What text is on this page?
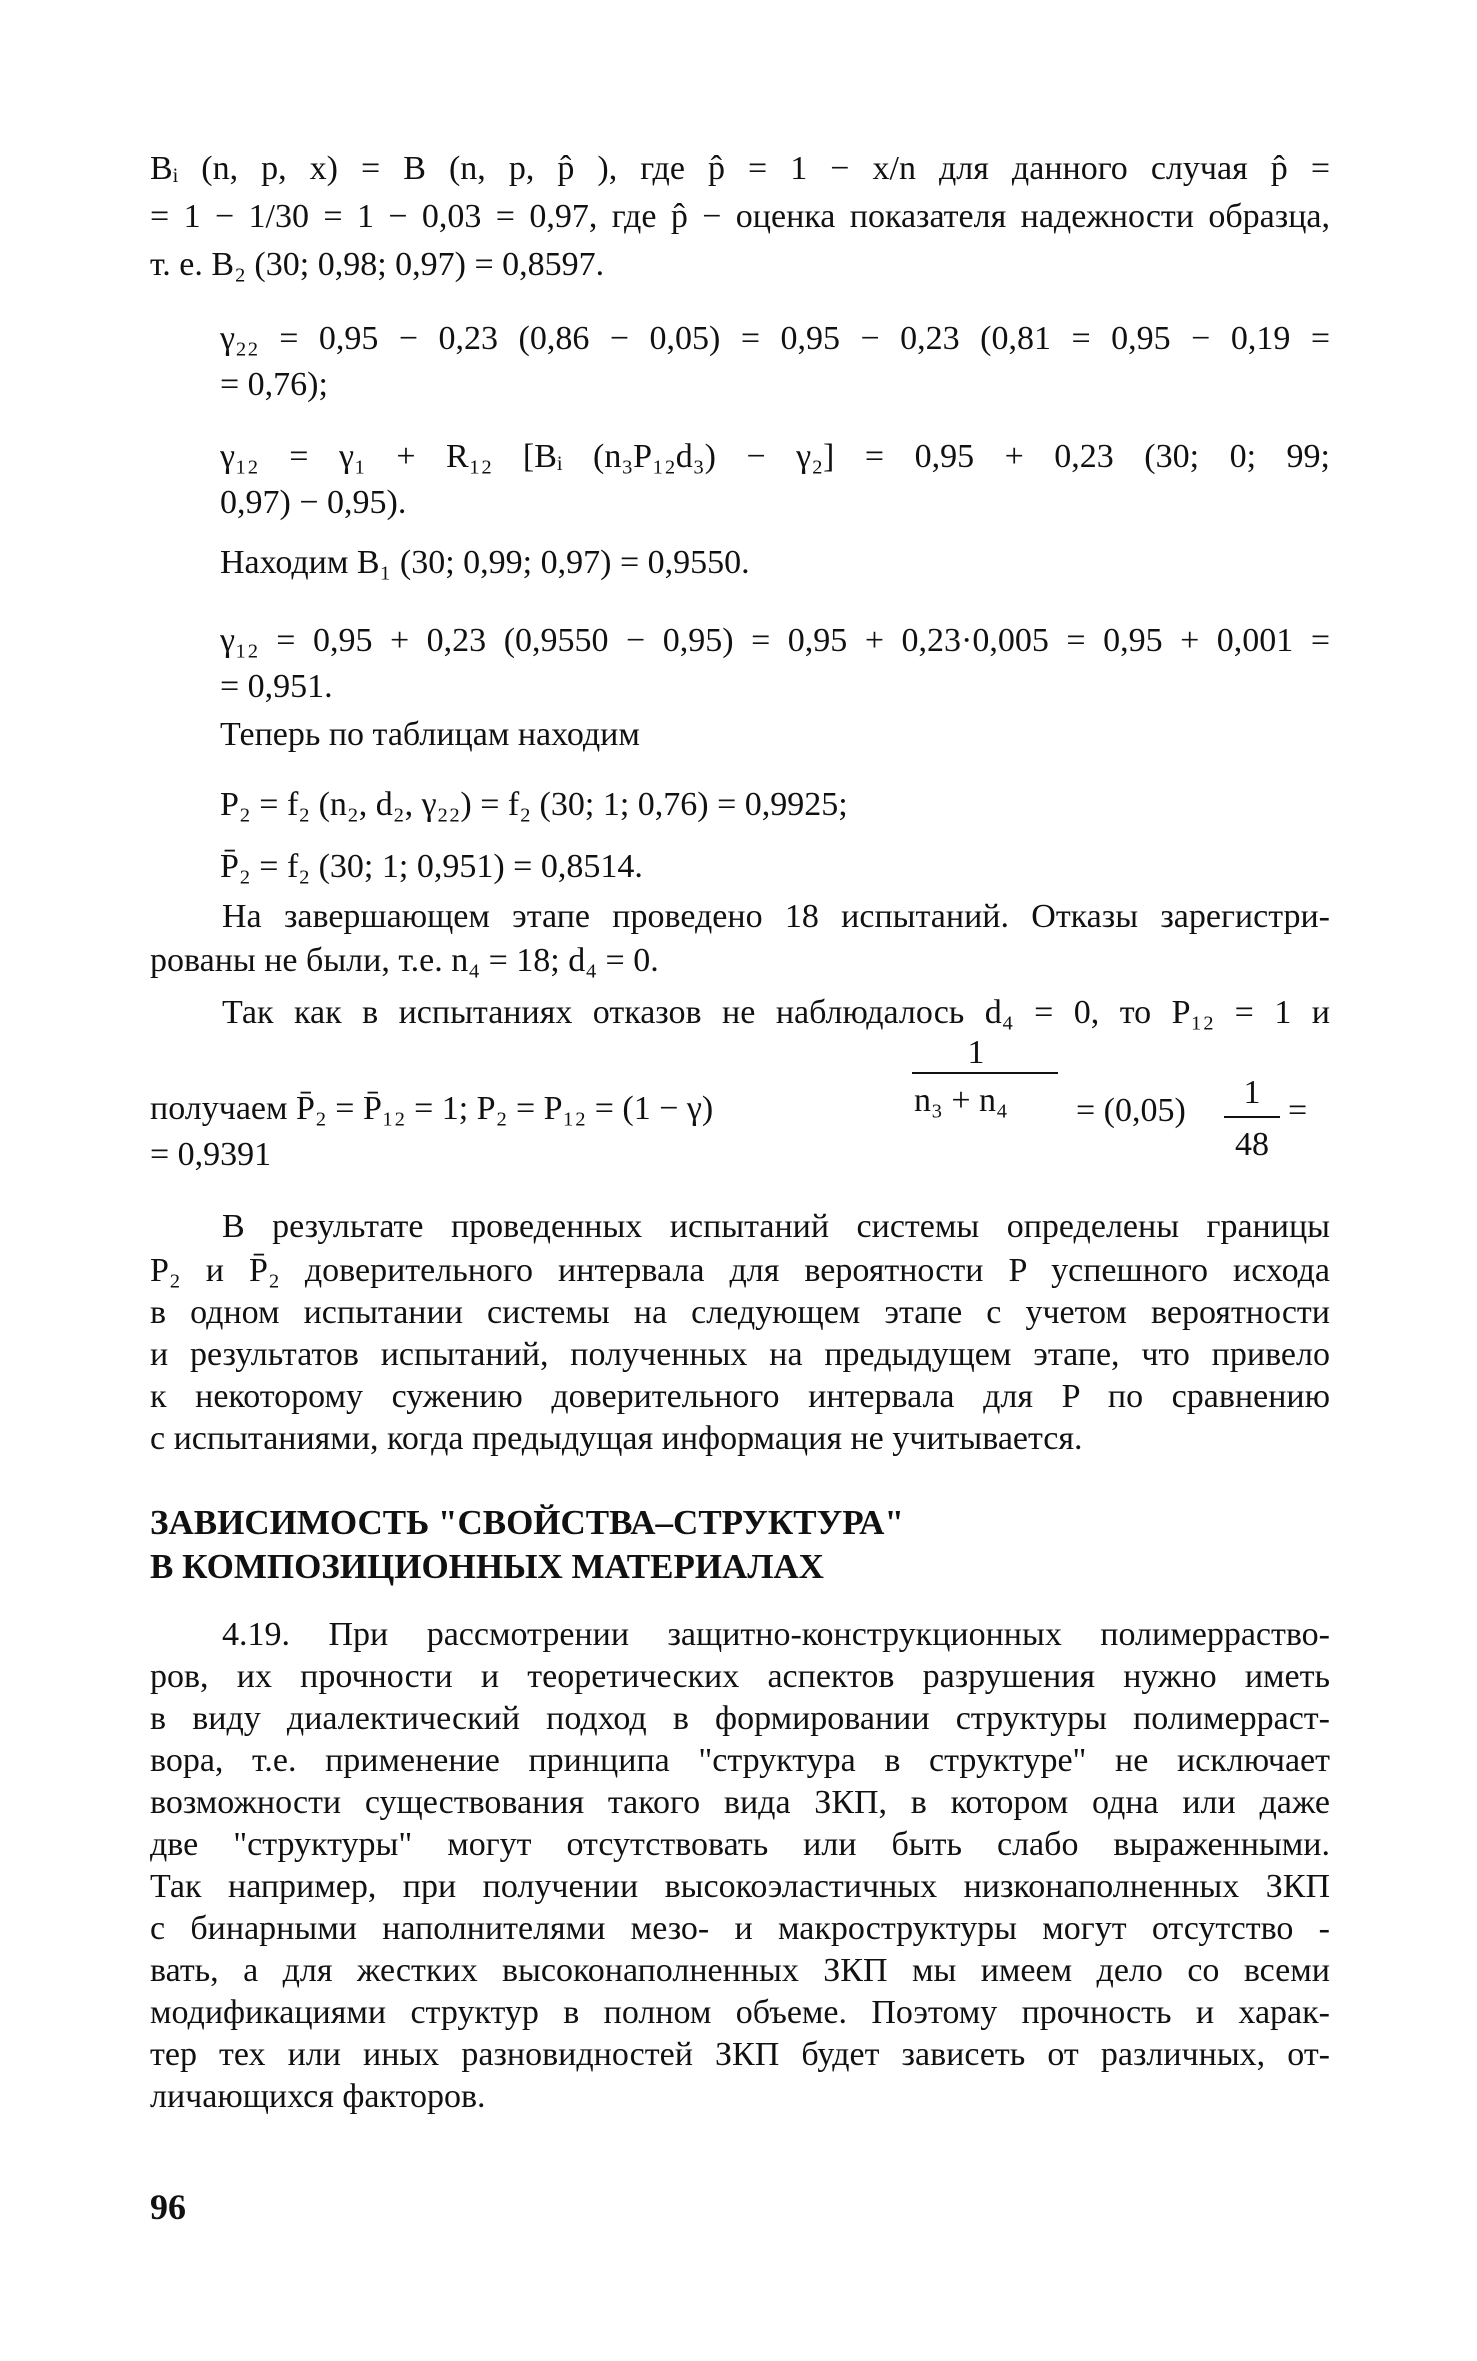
Bᵢ (n, p, x) = B (n, p, p̂ ), где p̂ = 1 − x/n для данного случая p̂ =
= 1 − 1/30 = 1 − 0,03 = 0,97, где p̂ − оценка показателя надежности образца,
т. е. B₂ (30; 0,98; 0,97) = 0,8597.
γ₂₂ = 0,95 − 0,23 (0,86 − 0,05) = 0,95 − 0,23 (0,81 = 0,95 − 0,19 =
= 0,76);
γ₁₂ = γ₁ + R₁₂ [Bᵢ (n₃P₁₂d₃) − γ₂] = 0,95 + 0,23 (30; 0; 99;
0,97) − 0,95).
Находим B₁ (30; 0,99; 0,97) = 0,9550.
γ₁₂ = 0,95 + 0,23 (0,9550 − 0,95) = 0,95 + 0,23·0,005 = 0,95 + 0,001 =
= 0,951.
Теперь по таблицам находим
P₂ = f₂ (n₂, d₂, γ₂₂) = f₂ (30; 1; 0,76) = 0,9925;
P̄₂ = f₂ (30; 1; 0,951) = 0,8514.
На завершающем этапе проведено 18 испытаний. Отказы зарегистри-
рованы не были, т.е. n₄ = 18; d₄ = 0.
Так как в испытаниях отказов не наблюдалось d₄ = 0, то P₁₂ = 1 и
1
получаем P̄₂ = P̄₁₂ = 1; P₂ = P₁₂ = (1 − γ)	n₃ + n₄	= (0,05)	1
48
=
= 0,9391
В результате проведенных испытаний системы определены границы
P₂ и P̄₂ доверительного интервала для вероятности P успешного исхода
в одном испытании системы на следующем этапе с учетом вероятности
и результатов испытаний, полученных на предыдущем этапе, что привело
к некоторому сужению доверительного интервала для P по сравнению
с испытаниями, когда предыдущая информация не учитывается.
ЗАВИСИМОСТЬ "СВОЙСТВА–СТРУКТУРА"
В КОМПОЗИЦИОННЫХ МАТЕРИАЛАХ
4.19. При рассмотрении защитно-конструкционных полимерраство-
ров, их прочности и теоретических аспектов разрушения нужно иметь
в виду диалектический подход в формировании структуры полимерраст-
вора, т.е. применение принципа "структура в структуре" не исключает
возможности существования такого вида ЗКП, в котором одна или даже
две "структуры" могут отсутствовать или быть слабо выраженными.
Так например, при получении высокоэластичных низконаполненных ЗКП
с бинарными наполнителями мезо- и макроструктуры могут отсутство -
вать, а для жестких высоконаполненных ЗКП мы имеем дело со всеми
модификациями структур в полном объеме. Поэтому прочность и харак-
тер тех или иных разновидностей ЗКП будет зависеть от различных, от-
личающихся факторов.
96
